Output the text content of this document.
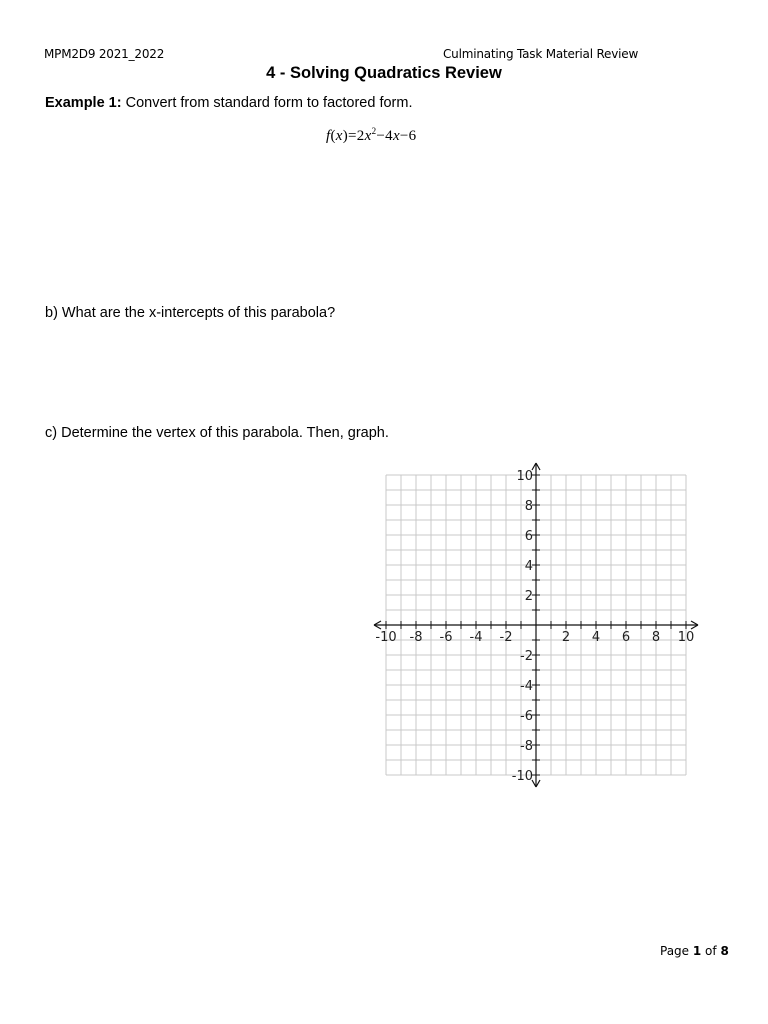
MPM2D9 2021_2022	Culminating Task Material Review
4 - Solving Quadratics Review
Example 1: Convert from standard form to factored form.
$f(x)=2x^2-4x-6$
b) What are the x-intercepts of this parabola?
c) Determine the vertex of this parabola. Then, graph.
-10 -8 -6 -4 -2	2 4 6 8 10
10
8
6
4
2
-2
-4
-6
-8
-10
Page 1 of 8
